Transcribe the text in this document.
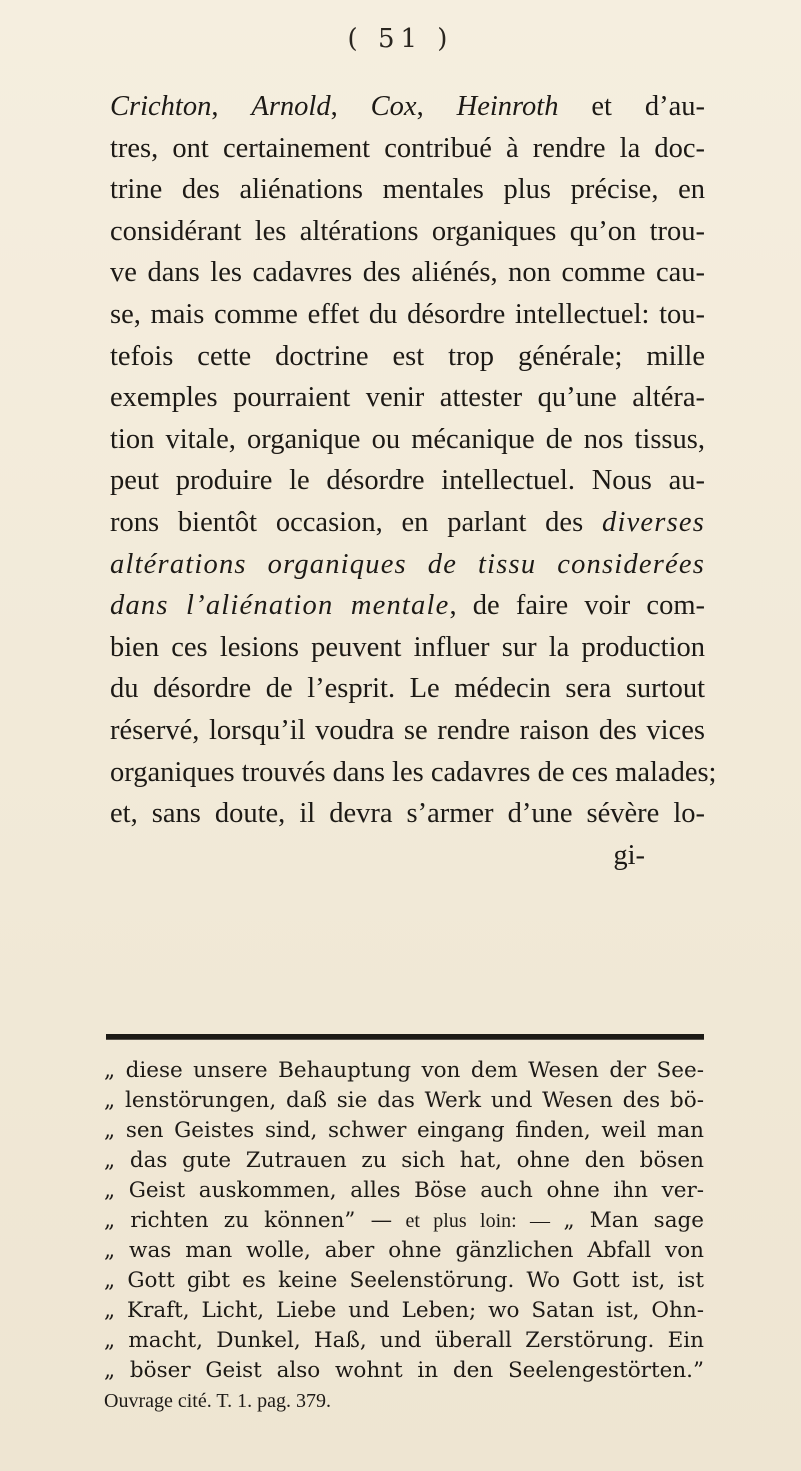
( 51 )
Crichton, Arnold, Cox, Heinroth et d’au-
tres, ont certainement contribué à rendre la doc-
trine des aliénations mentales plus précise, en
considérant les altérations organiques qu’on trou-
ve dans les cadavres des aliénés, non comme cau-
se, mais comme effet du désordre intellectuel: tou-
tefois cette doctrine est trop générale; mille
exemples pourraient venir attester qu’une altéra-
tion vitale, organique ou mécanique de nos tissus,
peut produire le désordre intellectuel. Nous au-
rons bientôt occasion, en parlant des diverses
altérations organiques de tissu considerées
dans l’aliénation mentale, de faire voir com-
bien ces lesions peuvent influer sur la production
du désordre de l’esprit. Le médecin sera surtout
réservé, lorsqu’il voudra se rendre raison des vices
organiques trouvés dans les cadavres de ces malades;
et, sans doute, il devra s’armer d’une sévère lo-
gi-
„ diese unsere Behauptung von dem Wesen der See-
„ lenstörungen, daß sie das Werk und Wesen des bö-
„ sen Geistes sind, schwer eingang finden, weil man
„ das gute Zutrauen zu sich hat, ohne den bösen
„ Geist auskommen, alles Böse auch ohne ihn ver-
„ richten zu können” — et plus loin: — „ Man sage
„ was man wolle, aber ohne gänzlichen Abfall von
„ Gott gibt es keine Seelenstörung. Wo Gott ist, ist
„ Kraft, Licht, Liebe und Leben; wo Satan ist, Ohn-
„ macht, Dunkel, Haß, und überall Zerstörung. Ein
„ böser Geist also wohnt in den Seelengestörten.”
Ouvrage cité. T. 1. pag. 379.
